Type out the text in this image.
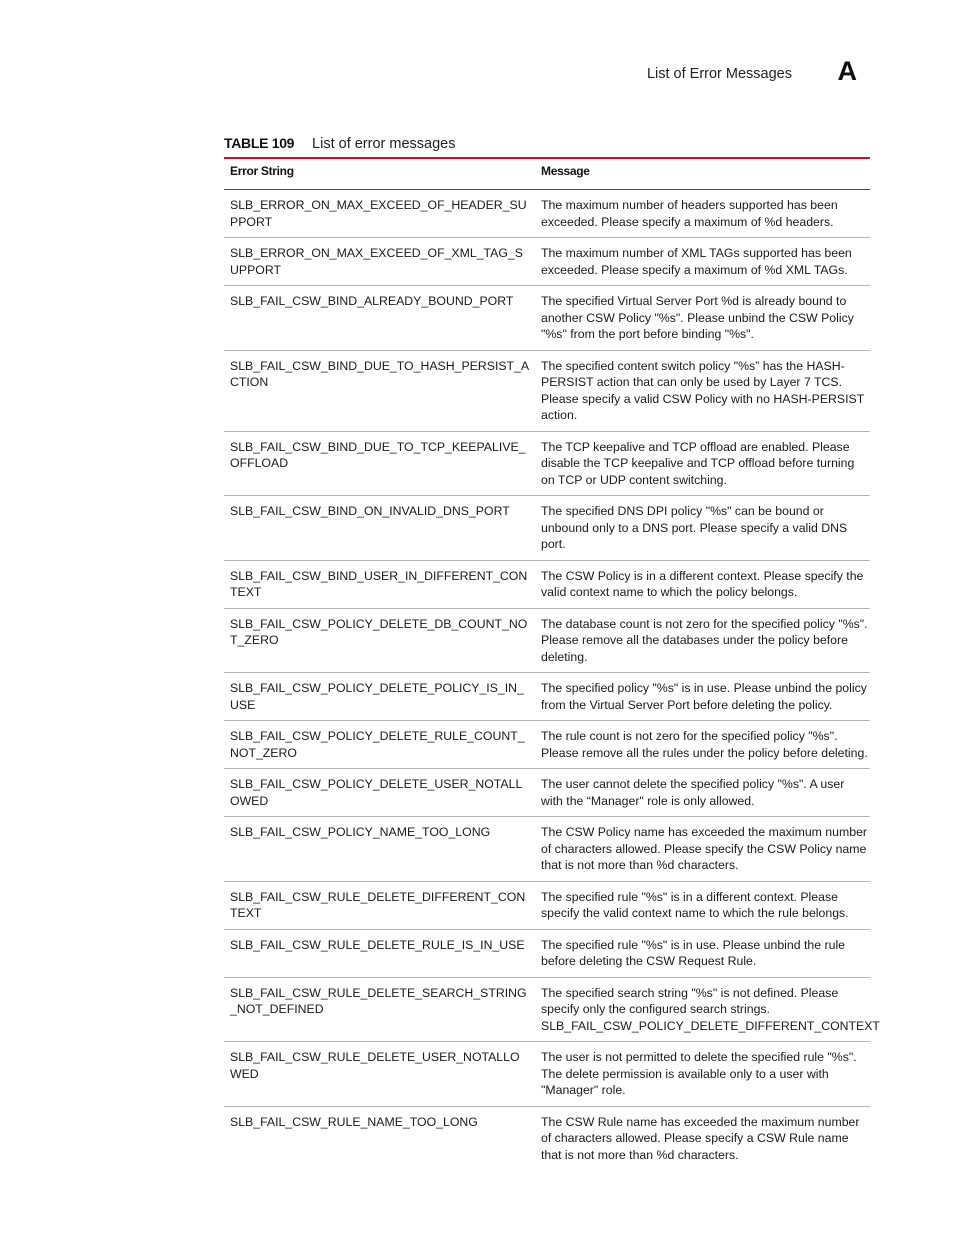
List of Error Messages A
TABLE 109 List of error messages
Error String	Message
SLB_ERROR_ON_MAX_EXCEED_OF_HEADER_SUPPORT	The maximum number of headers supported has been exceeded. Please specify a maximum of %d headers.
SLB_ERROR_ON_MAX_EXCEED_OF_XML_TAG_SUPPORT	The maximum number of XML TAGs supported has been exceeded. Please specify a maximum of %d XML TAGs.
SLB_FAIL_CSW_BIND_ALREADY_BOUND_PORT	The specified Virtual Server Port %d is already bound to another CSW Policy "%s". Please unbind the CSW Policy "%s" from the port before binding "%s".
SLB_FAIL_CSW_BIND_DUE_TO_HASH_PERSIST_ACTION	The specified content switch policy "%s” has the HASH-PERSIST action that can only be used by Layer 7 TCS. Please specify a valid CSW Policy with no HASH-PERSIST action.
SLB_FAIL_CSW_BIND_DUE_TO_TCP_KEEPALIVE_OFFLOAD	The TCP keepalive and TCP offload are enabled. Please disable the TCP keepalive and TCP offload before turning on TCP or UDP content switching.
SLB_FAIL_CSW_BIND_ON_INVALID_DNS_PORT	The specified DNS DPI policy "%s" can be bound or unbound only to a DNS port. Please specify a valid DNS port.
SLB_FAIL_CSW_BIND_USER_IN_DIFFERENT_CONTEXT	The CSW Policy is in a different context. Please specify the valid context name to which the policy belongs.
SLB_FAIL_CSW_POLICY_DELETE_DB_COUNT_NOT_ZERO	The database count is not zero for the specified policy "%s". Please remove all the databases under the policy before deleting.
SLB_FAIL_CSW_POLICY_DELETE_POLICY_IS_IN_USE	The specified policy "%s" is in use. Please unbind the policy from the Virtual Server Port before deleting the policy.
SLB_FAIL_CSW_POLICY_DELETE_RULE_COUNT_NOT_ZERO	The rule count is not zero for the specified policy "%s". Please remove all the rules under the policy before deleting.
SLB_FAIL_CSW_POLICY_DELETE_USER_NOTALLOWED	The user cannot delete the specified policy "%s". A user with the “Manager" role is only allowed.
SLB_FAIL_CSW_POLICY_NAME_TOO_LONG	The CSW Policy name has exceeded the maximum number of characters allowed. Please specify the CSW Policy name that is not more than %d characters.
SLB_FAIL_CSW_RULE_DELETE_DIFFERENT_CONTEXT	The specified rule "%s" is in a different context. Please specify the valid context name to which the rule belongs.
SLB_FAIL_CSW_RULE_DELETE_RULE_IS_IN_USE	The specified rule "%s" is in use. Please unbind the rule before deleting the CSW Request Rule.
SLB_FAIL_CSW_RULE_DELETE_SEARCH_STRING_NOT_DEFINED	The specified search string "%s" is not defined. Please specify only the configured search strings. SLB_FAIL_CSW_POLICY_DELETE_DIFFERENT_CONTEXT
SLB_FAIL_CSW_RULE_DELETE_USER_NOTALLOWED	The user is not permitted to delete the specified rule "%s". The delete permission is available only to a user with "Manager" role.
SLB_FAIL_CSW_RULE_NAME_TOO_LONG	The CSW Rule name has exceeded the maximum number of characters allowed. Please specify a CSW Rule name that is not more than %d characters.
